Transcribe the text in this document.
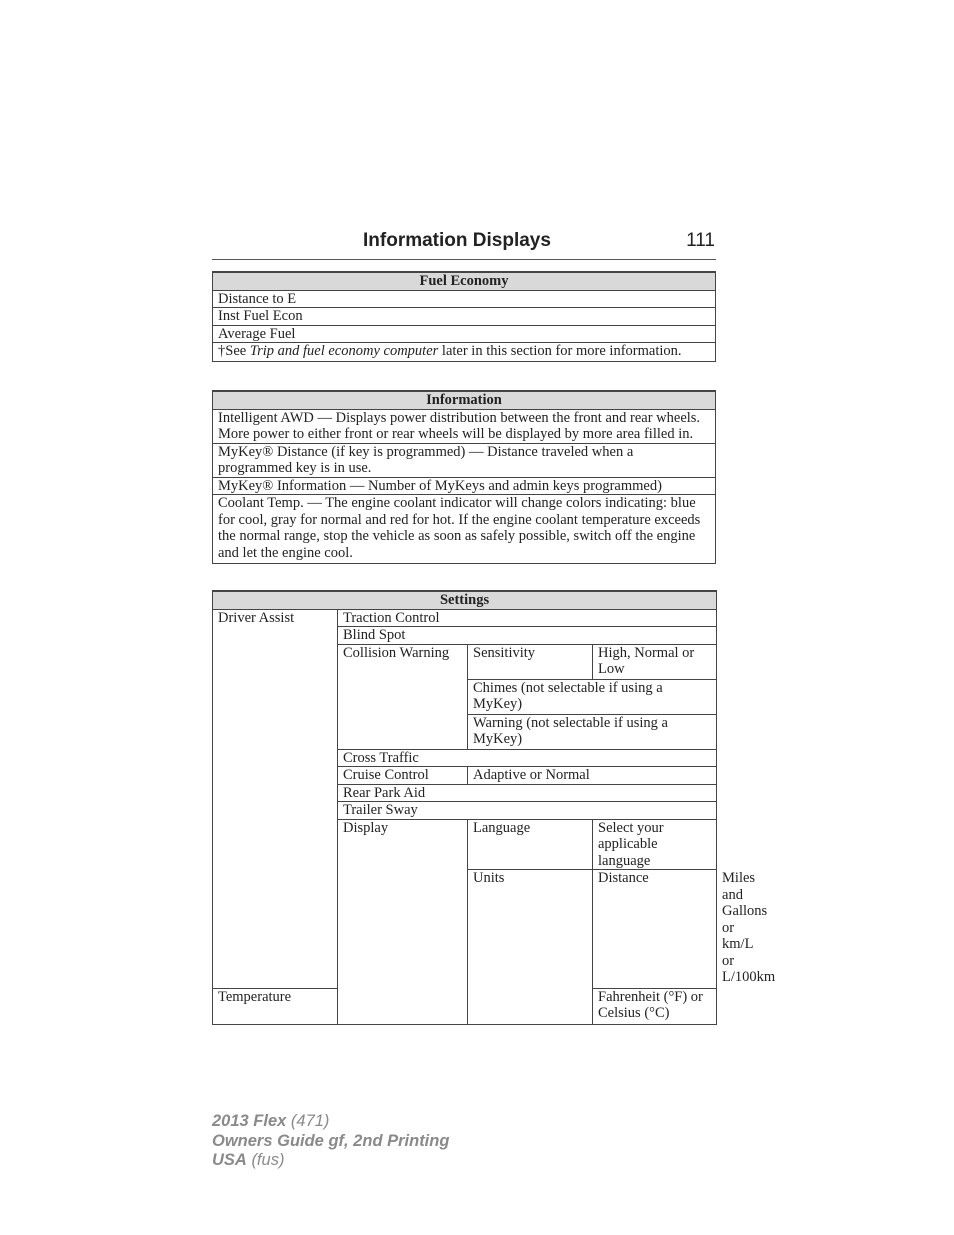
Information Displays	111
Fuel Economy
Distance to E
Inst Fuel Econ
Average Fuel
†See Trip and fuel economy computer later in this section for more information.
Information
Intelligent AWD — Displays power distribution between the front and rear wheels. More power to either front or rear wheels will be displayed by more area filled in.
MyKey® Distance (if key is programmed) — Distance traveled when a programmed key is in use.
MyKey® Information — Number of MyKeys and admin keys programmed)
Coolant Temp. — The engine coolant indicator will change colors indicating: blue for cool, gray for normal and red for hot. If the engine coolant temperature exceeds the normal range, stop the vehicle as soon as safely possible, switch off the engine and let the engine cool.
Settings				
Driver Assist	Traction Control			
	Blind Spot			
	Collision Warning	Sensitivity	High, Normal or Low	
		Chimes (not selectable if using a MyKey)		
		Warning (not selectable if using a MyKey)		
	Cross Traffic			
	Cruise Control	Adaptive or Normal		
	Rear Park Aid			
	Trailer Sway			
	Display	Language	Select your applicable language	
		Units	Distance	Miles and Gallons or km/L or L/100km
Temperature			Fahrenheit (°F) or Celsius (°C)	
2013 Flex (471)
Owners Guide gf, 2nd Printing
USA (fus)
